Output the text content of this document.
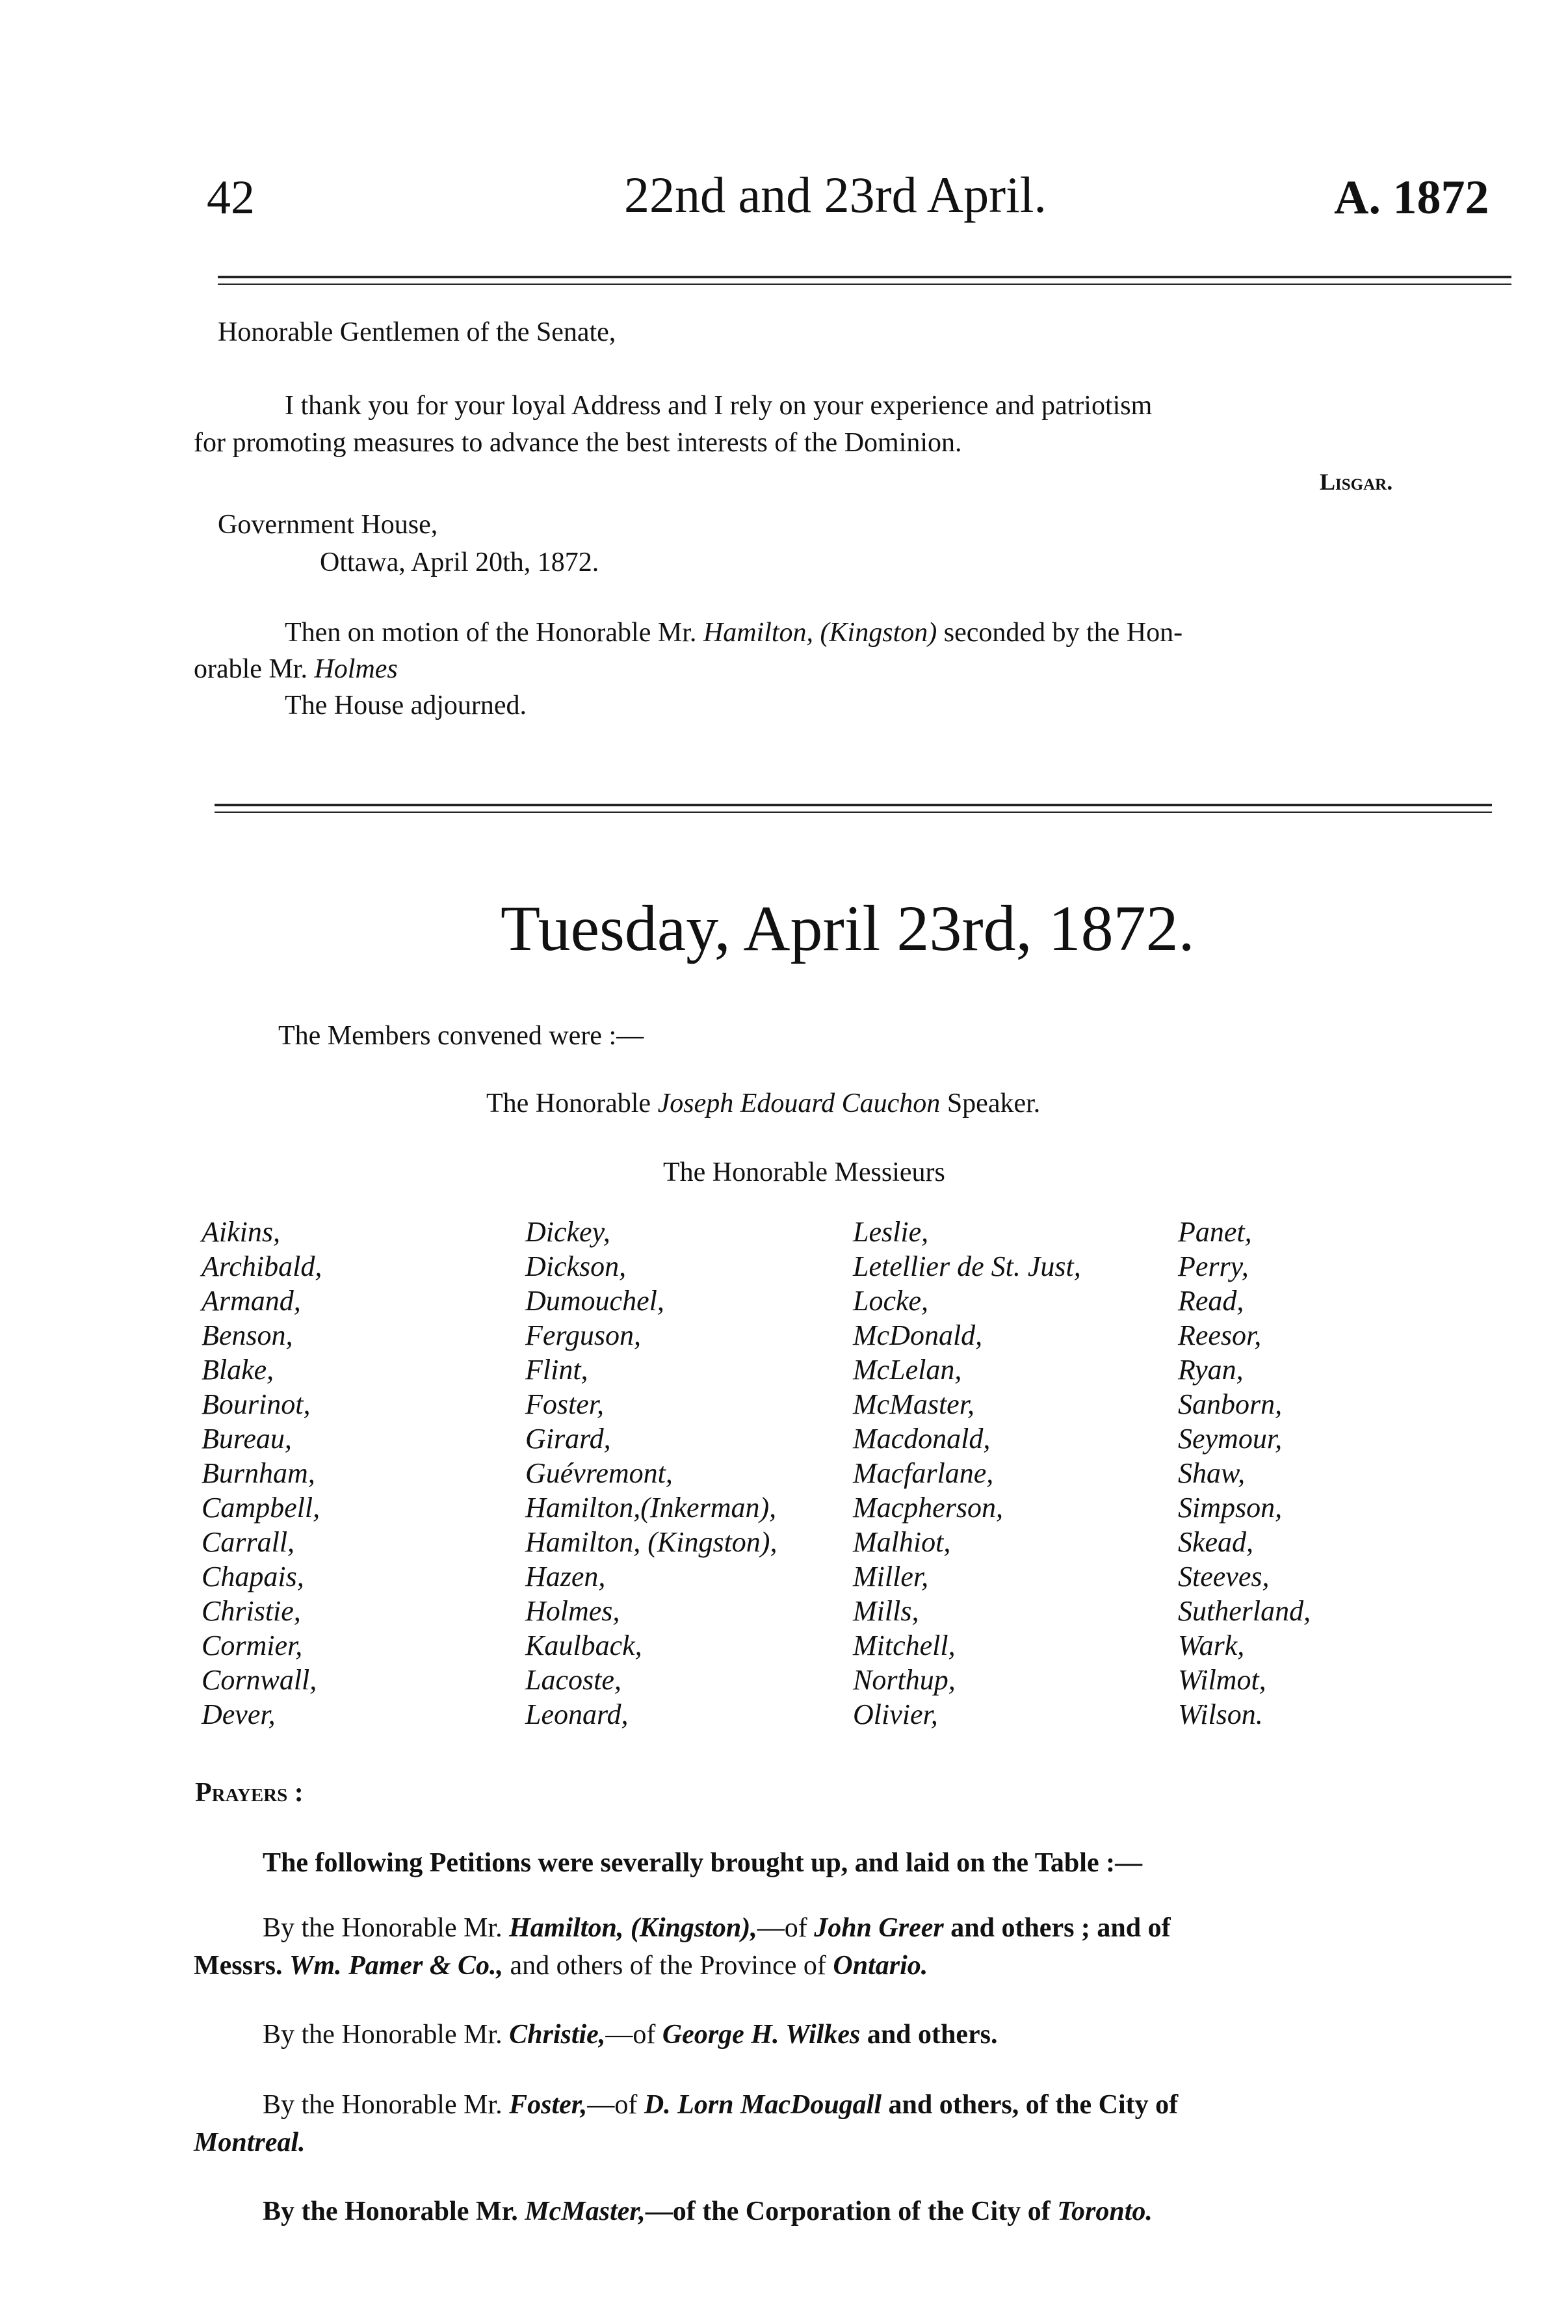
42	22nd and 23rd April.	A. 1872
Honorable Gentlemen of the Senate,
I thank you for your loyal Address and I rely on your experience and patriotism
for promoting measures to advance the best interests of the Dominion.
Lisgar.
Government House,
Ottawa, April 20th, 1872.
Then on motion of the Honorable Mr. Hamilton, (Kingston) seconded by the Hon-
orable Mr. Holmes
The House adjourned.
Tuesday, April 23rd, 1872.
The Members convened were :—
The Honorable Joseph Edouard Cauchon Speaker.
The Honorable Messieurs
Aikins,
Archibald,
Armand,
Benson,
Blake,
Bourinot,
Bureau,
Burnham,
Campbell,
Carrall,
Chapais,
Christie,
Cormier,
Cornwall,
Dever,
Dickey,
Dickson,
Dumouchel,
Ferguson,
Flint,
Foster,
Girard,
Guévremont,
Hamilton,(Inkerman),
Hamilton, (Kingston),
Hazen,
Holmes,
Kaulback,
Lacoste,
Leonard,
Leslie,
Letellier de St. Just,
Locke,
McDonald,
McLelan,
McMaster,
Macdonald,
Macfarlane,
Macpherson,
Malhiot,
Miller,
Mills,
Mitchell,
Northup,
Olivier,
Panet,
Perry,
Read,
Reesor,
Ryan,
Sanborn,
Seymour,
Shaw,
Simpson,
Skead,
Steeves,
Sutherland,
Wark,
Wilmot,
Wilson.
Prayers :
The following Petitions were severally brought up, and laid on the Table :—
By the Honorable Mr. Hamilton, (Kingston),—of John Greer and others ; and of
Messrs. Wm. Pamer & Co., and others of the Province of Ontario.
By the Honorable Mr. Christie,—of George H. Wilkes and others.
By the Honorable Mr. Foster,—of D. Lorn MacDougall and others, of the City of
Montreal.
By the Honorable Mr. McMaster,—of the Corporation of the City of Toronto.
